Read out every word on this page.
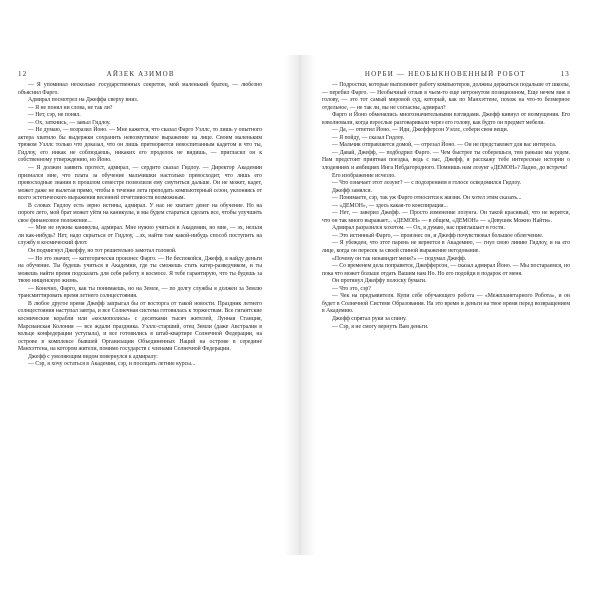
12	АЙЗЕК АЗИМОВ

— Я упоминал несколько государственных секретов, мой маленький братец, — любезно объяснил Фарго.

Адмирал посмотрел на Джеффа сверху вниз.

— Я не понял ни слова, не так ли?

— Нет, сэр, не понял.

— Ох, заткнись, — завыл Гидлоу.

— Не думаю, — возразил Йоно. — Мне кажется, что сказал Фарго Уэллс, то лишь у опытного актера хватило бы выдержки сохранить невозмутимое выражение на лице. Своим маленьким трюком Уэллс только что доказал, что он лишь притворяется невоспитанным кадетом и что ты, Гидлоу, его никак не соблюдаешь, никаких его проделок не видишь, — пригласил он к собственному утверждению, но Йоно.

— Я должен заявить протест, адмирал, — сердито сказал Гидлоу. — Директор Академии признался мне, что плата за обучение мальчишки настолько превосходит, что лишь его превосходные знания в прошлом семестре позволили ему смутиться дальше. Он не может, кадет, может даже не вылетая прямо, чтобы в течение лета преподать компьютерный сезон, уклоняясь от всего эстетического выражения весенней отчетливости возможным.

В словах Гидлоу есть зерно истины, адмирал. У нас не хватает денег на обучение. Но на пороге лето, мой брат может уйти на каникулы, и мы будем стараться сделать все, чтобы улучшить свое финансовое положение...

— Мне не нужны каникулы, адмирал. Мне нужно учиться в Академии, но мне, — эх, нельзя ли как-нибудь? Нет, надо скрыться от Гидлоу, ...эх, найти там какой-нибудь способ поступить на службу в космический флот.

Он подмигнул Джеффу, но тот решительно замотал головой.

— Но это значит, — категорически произнес Фарго. — Не беспокойся, Джефф, я найду деньги на обучение. Ты будешь учиться в Академии, где ты сможешь стать катер-разведчиком, и ты можешь найти время подсказать для себя работу в космосе. Я тебе гарантирую, что ты будешь за твою нищенскую жизнь.

— Конечно, Фарго, как ты понимаешь, но на Земле, — по долгу службы я должен за Землю трансмиттировать время летнего солнцестояния.

В любое другое время Джефф запрыгал бы от восторга от такой новости. Праздник летнего солнцестояния наступал завтра, и все Солнечная система готовилась к торжествам. Все гигантские космические корабли или «космополисы» с десятками тысяч жителей, Лунная Станция, Марсианская Колония — все ждали праздника. Уэллс-старший, отец Земли (даже Австралия в кольце конфедерации уступала), и все готовились в штаб-квартире Солнечной Федерации, на острове в комплексе бывшей Организации Объединенных Наций на острове в середине Манхэттена, на котором жители, помимо государств с членами Солнечной Федерации.

Джефф с умоляющим видом повернулся к адмиралу:

— Сэр, я хочу остаться в Академии, сэр, и посещать летние курсы...

НОРБИ — НЕОБЫКНОВЕННЫЙ РОБОТ	13

— Подростки, которые выполняют работу компьютеров, должны держаться подальше от школы, — перебил Фарго. — Необычный отзыв в чьем-то еще нетронутом позиционном, Еще нечем мне в голову, — это тот самый мировой суд, который, как по Манхэттене, похож на что-то безмерное отдельное, — не так ли, вы не согласны, адмирал?

Фарго и Йоно обменялись многозначительными взглядами. Джефф кивнул от возмущения. Его взволновали, когда взрослые разговаривали через его голову, как будто он предмет мебели.

— Да, — ответил Йоно. — Иди, Джефферсон Уэллс, собери свои вещи.

— Я пойду, — сказал Гидлоу.

— Мальчик отправляется домой, — отрезал Йоно. — Он не представляет для вас интереса.

— Давай, Джефф, — подбодрил Фарго. — Чем быстрее ты соберешься, тем раньше мы уедем. Нам предстоит приятная поездка, ведь с вас, Джефф, я расскажу тебе интересные истории о злодеяниях и амбициях Инга Небдагородного. Помнишь нам лозунг «ДЕМОН»? Ладно, до встречи!

Его изображение исчезло.

— Что означает этот лозунг? — с подозрением в голосе осведомился Гидлоу.

Джефф замялся.

— Понимаете, сэр, так уж Фарго относится к жизни. Он хотел этим сказать...

— «ДЕМОН», — здесь какая-то конспирация...

— Нет, — заверил Джефф. — Просто изменение лозунга. Он такой красивый, что не верится, что он так много выражает... «ДЕМОН» — в общем, «ДЕМОН» — «Девушек Можно Найти».

Адмирал разразился хохотом. — Ох, я думаю, нас приглашает в гости.

— Это истинный Фарго, — произнес он, и Джефф почувствовал большое облегчение.

— Я убежден, что этот парень не вернется в Академию, — гнул свою линию Гидлоу, и на его лице, когда он пересек за своей спиной выражение негодование.

«Почему он так ненавидит меня?» — подумал Джефф.

— Со временем дела поправятся, Джефферсон, — сказал адмирал Йоно. — Мы постараемся, но пока что может больше отдать Вашим нам Но. Но его подойди в подарок от меня.

Он протянул Джеффу полоску бумаги.

— Что это, сэр?

— Чек на предъявителя. Купи себе обучающего робота — «Межпланетарного Робота», и он будет в Солнечной Системе Образования. На это время и деньги на твое время перед возвращением в Академию.

Джефф спрятал руки за спину.

— Сэр, я не смогу вернуть Вам деньги.
